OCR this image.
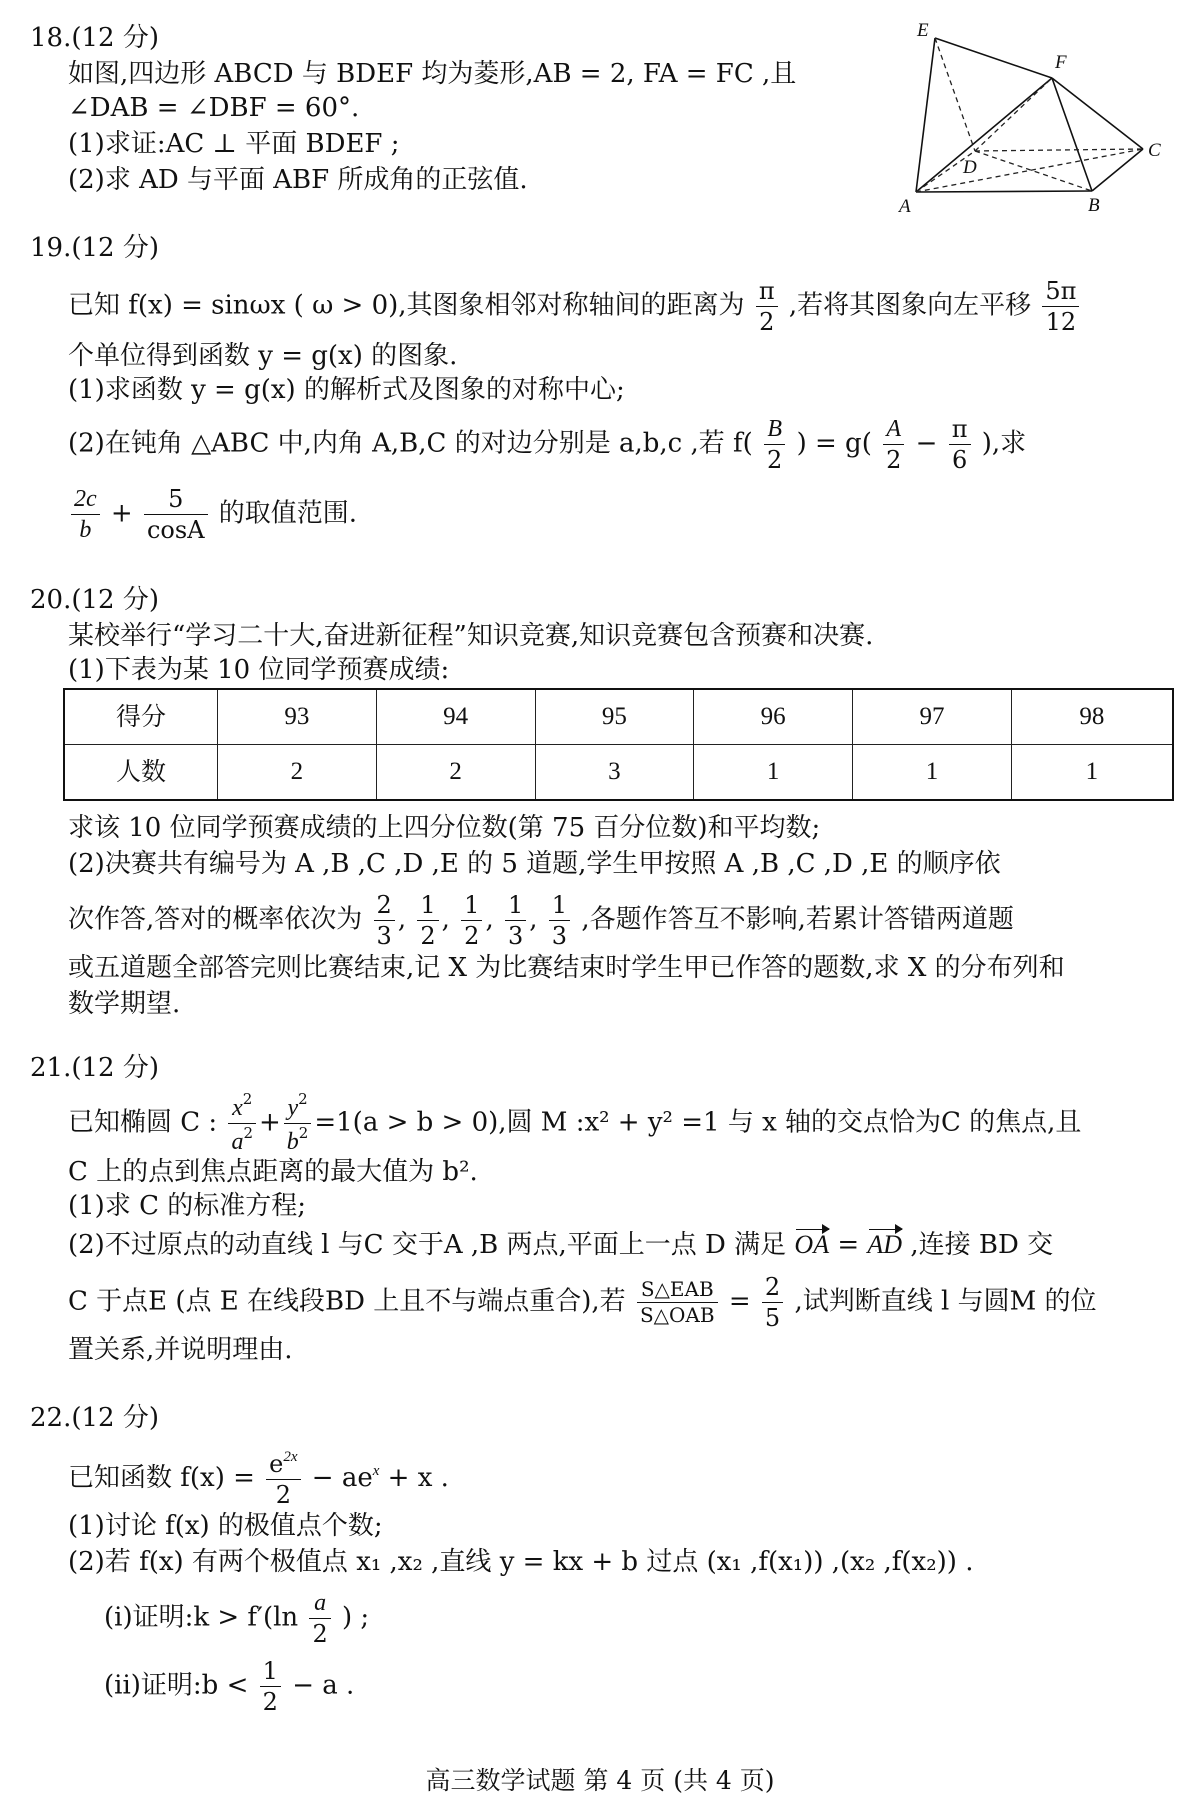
18.(12 分)
如图,四边形 ABCD 与 BDEF 均为菱形,AB = 2, FA = FC ,且
∠DAB = ∠DBF = 60°.
(1)求证:AC ⊥ 平面 BDEF ;
(2)求 AD 与平面 ABF 所成角的正弦值.
E
F
C
D
A	B
19.(12 分)
已知 f(x) = sinωx ( ω > 0),其图象相邻对称轴间的距离为 $\frac{\pi}{2}$ ,若将其图象向左平移 $\frac{5\pi}{12}$
个单位得到函数 y = g(x) 的图象.
(1)求函数 y = g(x) 的解析式及图象的对称中心;
(2)在钝角 △ABC 中,内角 A,B,C 的对边分别是 a,b,c ,若 $f( \frac{B}{2}$ ) = $g( \frac{A}{2} - \frac{\pi}{6}$ ),求
$\frac{2c}{b} + \frac{5}{\cos A}$ 的取值范围.
20.(12 分)
某校举行“学习二十大,奋进新征程”知识竞赛,知识竞赛包含预赛和决赛.
(1)下表为某 10 位同学预赛成绩:
得分	93	94	95	96	97	98
人数	2	2	3	1	1	1
求该 10 位同学预赛成绩的上四分位数(第 75 百分位数)和平均数;
(2)决赛共有编号为 A ,B ,C ,D ,E 的 5 道题,学生甲按照 A ,B ,C ,D ,E 的顺序依
次作答,答对的概率依次为 $\frac{2}{3}$ , $\frac{1}{2}$ , $\frac{1}{2}$ , $\frac{1}{3}$ , $\frac{1}{3}$ ,各题作答互不影响,若累计答错两道题
或五道题全部答完则比赛结束,记 X 为比赛结束时学生甲已作答的题数,求 X 的分布列和
数学期望.
21.(12 分)
已知椭圆 C : $\frac{x^2}{a^2} + \frac{y^2}{b^2} =1(a > b > 0)$,圆 M :x² + y² =1 与 x 轴的交点恰为C 的焦点,且
C 上的点到焦点距离的最大值为 b².
(1)求 C 的标准方程;
(2)不过原点的动直线 l 与C 交于A ,B 两点,平面上一点 D 满足 OA = AD ,连接 BD 交
C 于点E (点 E 在线段BD 上且不与端点重合),若 $\frac{\text{S△EAB}}{\text{S△OAB}} = \frac{2}{5}$ ,试判断直线 l 与圆M 的位
置关系,并说明理由.
22.(12 分)
已知函数 $f(x) = \frac{e^{2x}}{2} - ae^x + x$ .
(1)讨论 f(x) 的极值点个数;
(2)若 f(x) 有两个极值点 x₁ ,x₂ ,直线 y = kx + b 过点 (x₁ ,f(x₁)) ,(x₂ ,f(x₂)) .
(i)证明:k > $f'(\ln \frac{a}{2}$ ) ;
(ii)证明:b < $\frac{1}{2} - a$ .
高三数学试题 第 4 页 (共 4 页)
